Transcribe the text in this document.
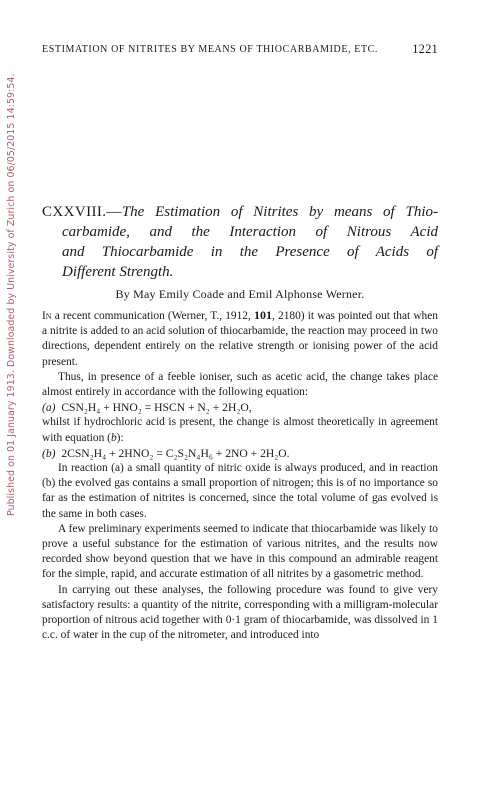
Published on 01 January 1913. Downloaded by University of Zurich on 06/05/2015 14:59:54.
ESTIMATION OF NITRITES BY MEANS OF THIOCARBAMIDE, ETC.	1221
CXXVIII.—The Estimation of Nitrites by means of Thio-
carbamide, and the Interaction of Nitrous Acid
and Thiocarbamide in the Presence of Acids of
Different Strength.
By May Emily Coade and Emil Alphonse Werner.

In a recent communication (Werner, T., 1912, 101, 2180) it was pointed out that when a nitrite is added to an acid solution of thiocarbamide, the reaction may proceed in two directions, dependent entirely on the relative strength or ionising power of the acid present.

Thus, in presence of a feeble ioniser, such as acetic acid, the change takes place almost entirely in accordance with the following equation:

(a) CSN₂H₄ + HNO₂ = HSCN + N₂ + 2H₂O,

whilst if hydrochloric acid is present, the change is almost theoretically in agreement with equation (b):

(b) 2CSN₂H₄ + 2HNO₂ = C₂S₂N₄H₆ + 2NO + 2H₂O.

In reaction (a) a small quantity of nitric oxide is always produced, and in reaction (b) the evolved gas contains a small proportion of nitrogen; this is of no importance so far as the estimation of nitrites is concerned, since the total volume of gas evolved is the same in both cases.

A few preliminary experiments seemed to indicate that thiocarbamide was likely to prove a useful substance for the estimation of various nitrites, and the results now recorded show beyond question that we have in this compound an admirable reagent for the simple, rapid, and accurate estimation of all nitrites by a gasometric method.

In carrying out these analyses, the following procedure was found to give very satisfactory results: a quantity of the nitrite, corresponding with a milligram-molecular proportion of nitrous acid together with 0·1 gram of thiocarbamide, was dissolved in 1 c.c. of water in the cup of the nitrometer, and introduced into
